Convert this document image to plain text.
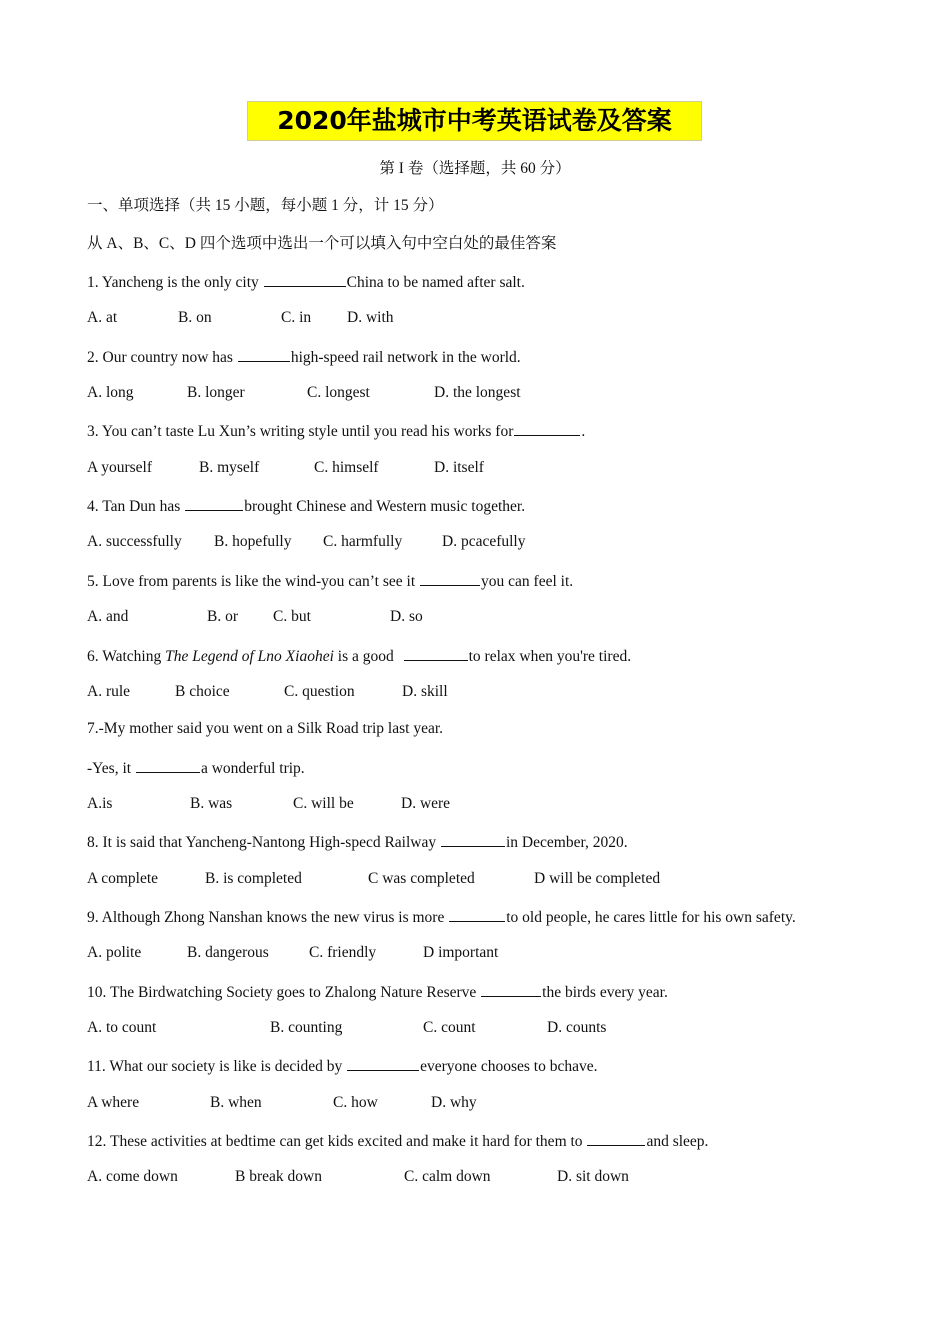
2020年盐城市中考英语试卷及答案
第 I 卷（选择题，共 60 分）
一、单项选择（共 15 小题，每小题 1 分，计 15 分）
从 A、B、C、D 四个选项中选出一个可以填入句中空白处的最佳答案
1. Yancheng is the only city	China to be named after salt.
A. at	B. on	C. in D. with
2. Our country now has	high-speed rail network in the world.
A. long	B. longer	C. longest	D. the longest
3. You can’t taste Lu Xun’s writing style until you read his works for	.
A yourself	B. myself	C. himself	D. itself
4. Tan Dun has	brought Chinese and Western music together.
A. successfully B. hopefully C. harmfully	D. pcacefully
5. Love from parents is like the wind-you can’t see it	you can feel it.
A. and	B. or C. but	D. so
6. Watching The Legend of Lno Xiaohei is a good	to relax when you're tired.
A. rule	B choice	C. question	D. skill
7.-My mother said you went on a Silk Road trip last year.
-Yes, it	a wonderful trip.
A.is	B. was	C. will be	D. were
8. It is said that Yancheng-Nantong High-specd Railway	in December, 2020.
A complete	B. is completed	C was completed	D will be completed
9. Although Zhong Nanshan knows the new virus is more	to old people, he cares little for his own safety.
A. polite	B. dangerous	C. friendly	D important
10. The Birdwatching Society goes to Zhalong Nature Reserve	the birds every year.
A. to count	B. counting	C. count	D. counts
11. What our society is like is decided by	everyone chooses to bchave.
A where	B. when	C. how	D. why
12. These activities at bedtime can get kids excited and make it hard for them to	and sleep.
A. come down	B break down	C. calm down	D. sit down
